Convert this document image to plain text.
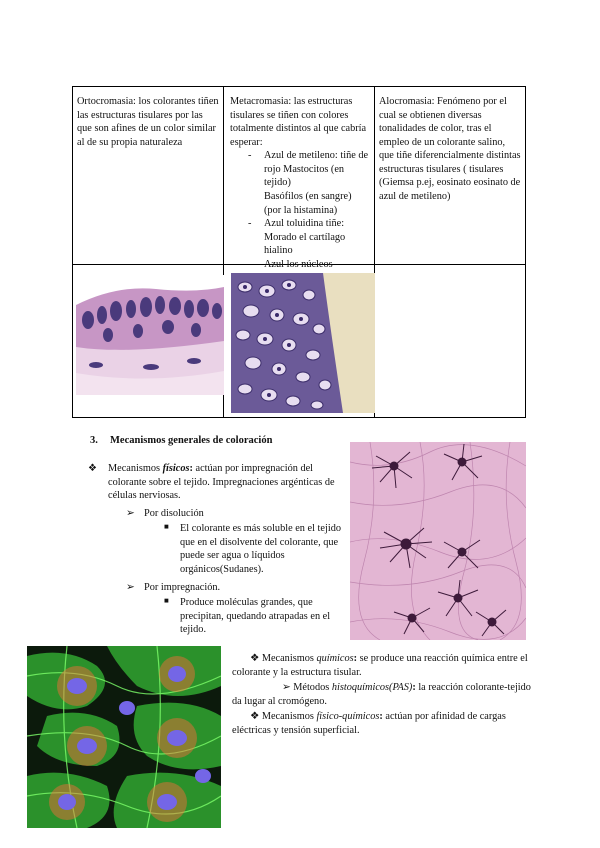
Ortocromasia: los colorantes tiñen las estructuras tisulares por las que son afines de un color similar al de su propia naturaleza
Metacromasia: las estructuras tisulares se tiñen con colores totalmente distintos al que cabría esperar:
- Azul de metileno: tiñe de rojo Mastocitos (en tejido)
Basófilos (en sangre) (por la histamina)
- Azul toluidina tiñe: Morado el cartílago hialino
Azul los núcleos
Alocromasia: Fenómeno por el cual se obtienen diversas tonalidades de color, tras el empleo de un colorante salino, que tiñe diferencialmente distintas estructuras tisulares ( tisulares (Giemsa p.ej, eosinato eosinato de azul de metileno)
3. Mecanismos generales de coloración
❖ Mecanismos físicos: actúan por impregnación del colorante sobre el tejido. Impregnaciones argénticas de células nerviosas.
➢ Por disolución
■ El colorante es más soluble en el tejido que en el disolvente del colorante, que puede ser agua o líquidos orgánicos(Sudanes).
➢ Por impregnación.
■ Produce moléculas grandes, que precipitan, quedando atrapadas en el tejido.
❖ Mecanismos químicos: se produce una reacción química entre el colorante y la estructura tisular.
➢ Métodos histoquímicos(PAS): la reacción colorante-tejido da lugar al cromógeno.
❖ Mecanismos físico-químicos: actúan por afinidad de cargas eléctricas y tensión superficial.
